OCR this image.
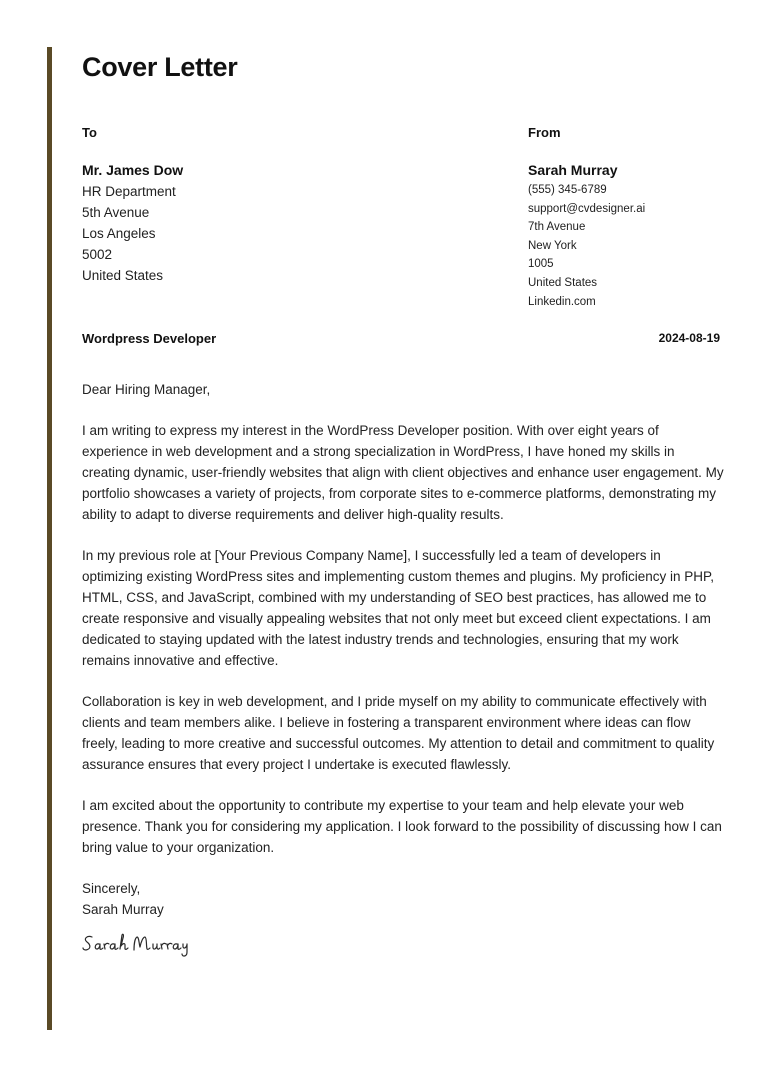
Cover Letter
To
Mr. James Dow
HR Department
5th Avenue
Los Angeles
5002
United States
From
Sarah Murray
(555) 345-6789
support@cvdesigner.ai
7th Avenue
New York
1005
United States
Linkedin.com
Wordpress Developer	2024-08-19

Dear Hiring Manager,

I am writing to express my interest in the WordPress Developer position. With over eight years of experience in web development and a strong specialization in WordPress, I have honed my skills in creating dynamic, user-friendly websites that align with client objectives and enhance user engagement. My portfolio showcases a variety of projects, from corporate sites to e-commerce platforms, demonstrating my ability to adapt to diverse requirements and deliver high-quality results.

In my previous role at [Your Previous Company Name], I successfully led a team of developers in optimizing existing WordPress sites and implementing custom themes and plugins. My proficiency in PHP, HTML, CSS, and JavaScript, combined with my understanding of SEO best practices, has allowed me to create responsive and visually appealing websites that not only meet but exceed client expectations. I am dedicated to staying updated with the latest industry trends and technologies, ensuring that my work remains innovative and effective.

Collaboration is key in web development, and I pride myself on my ability to communicate effectively with clients and team members alike. I believe in fostering a transparent environment where ideas can flow freely, leading to more creative and successful outcomes. My attention to detail and commitment to quality assurance ensures that every project I undertake is executed flawlessly.

I am excited about the opportunity to contribute my expertise to your team and help elevate your web presence. Thank you for considering my application. I look forward to the possibility of discussing how I can bring value to your organization.

Sincerely,

Sarah Murray
